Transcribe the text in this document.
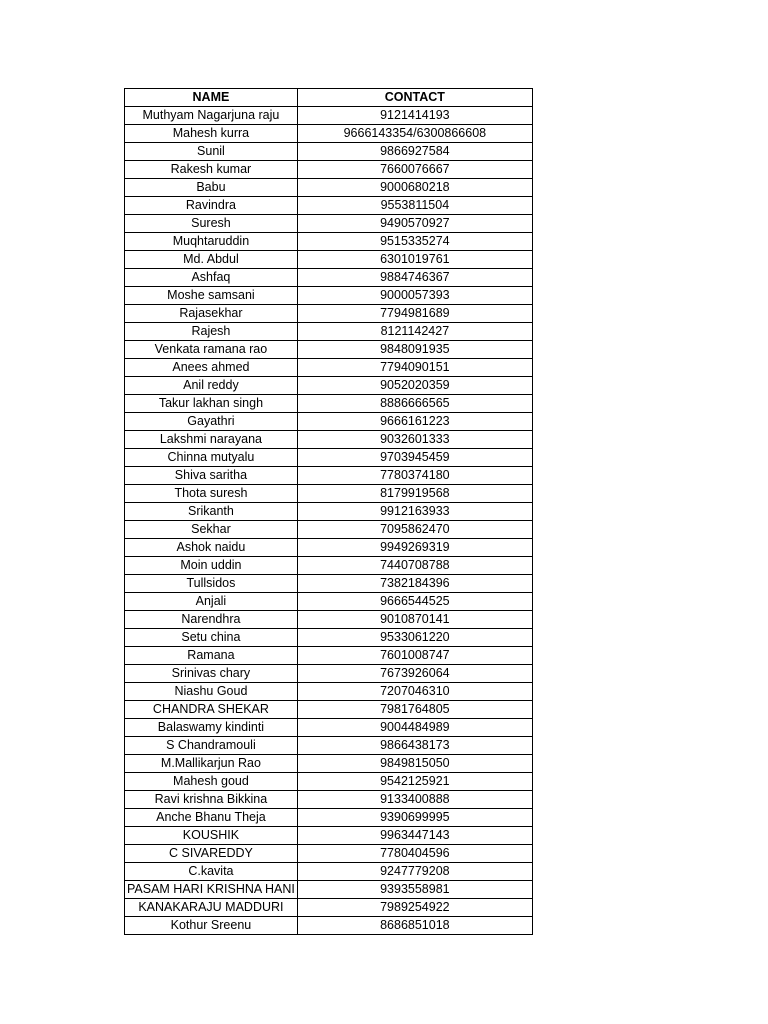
NAME	CONTACT
Muthyam Nagarjuna raju	9121414193
Mahesh kurra	9666143354/6300866608
Sunil	9866927584
Rakesh kumar	7660076667
Babu	9000680218
Ravindra	9553811504
Suresh	9490570927
Muqhtaruddin	9515335274
Md. Abdul	6301019761
Ashfaq	9884746367
Moshe samsani	9000057393
Rajasekhar	7794981689
Rajesh	8121142427
Venkata ramana rao	9848091935
Anees ahmed	7794090151
Anil reddy	9052020359
Takur lakhan singh	8886666565
Gayathri	9666161223
Lakshmi narayana	9032601333
Chinna mutyalu	9703945459
Shiva saritha	7780374180
Thota suresh	8179919568
Srikanth	9912163933
Sekhar	7095862470
Ashok naidu	9949269319
Moin uddin	7440708788
Tullsidos	7382184396
Anjali	9666544525
Narendhra	9010870141
Setu china	9533061220
Ramana	7601008747
Srinivas chary	7673926064
Niashu Goud	7207046310
CHANDRA SHEKAR	7981764805
Balaswamy kindinti	9004484989
S Chandramouli	9866438173
M.Mallikarjun Rao	9849815050
Mahesh goud	9542125921
Ravi krishna Bikkina	9133400888
Anche Bhanu Theja	9390699995
KOUSHIK	9963447143
C SIVAREDDY	7780404596
C.kavita	9247779208
PASAM HARI KRISHNA HANI	9393558981
KANAKARAJU MADDURI	7989254922
Kothur Sreenu	8686851018
